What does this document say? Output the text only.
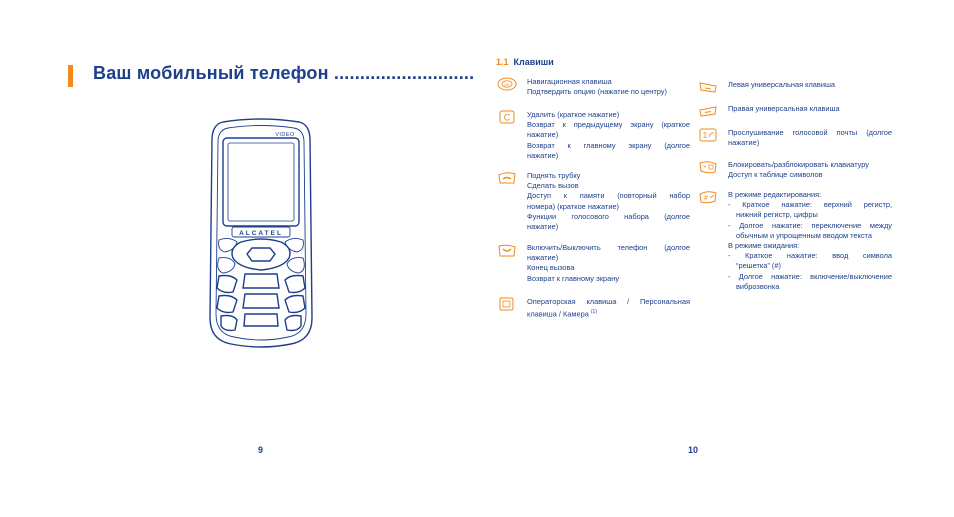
Ваш мобильный телефон ...........................
ALCATEL
VIDEO
9
1.1 Клавиши
OK Навигационная клавиша

Подтвердить опцию (нажатие по центру)

C Удалить (краткое нажатие)

Возврат к предыдущему экрану (краткое

нажатие)

Возврат к главному экрану (долгое

нажатие)

Поднять трубку

Сделать вызов

Доступ к памяти (повторный набор

номера) (краткое нажатие)

Функции голосового набора (долгое

нажатие)

Включить/Выключить телефон (долгое

нажатие)

Конец вызова

Возврат к главному экрану

Операторская клавиша / Персональная

клавиша / Камера $^{(1)}$

Левая универсальная клавиша

Правая универсальная клавиша

1	Прослушивание голосовой почты (долгое

нажатие)

*	Блокировать/разблокировать клавиатуру

Доступ к таблице символов

#	В режиме редактирования:

- Краткое нажатие: верхний регистр,

нижний регистр, цифры

- Долгое нажатие: переключение между

обычным и упрощенным вводом текста

В режиме ожидания:

- Краткое нажатие: ввод символа

“решетка” (#)

- Долгое нажатие: включение/выключение

виброзвонка

10
